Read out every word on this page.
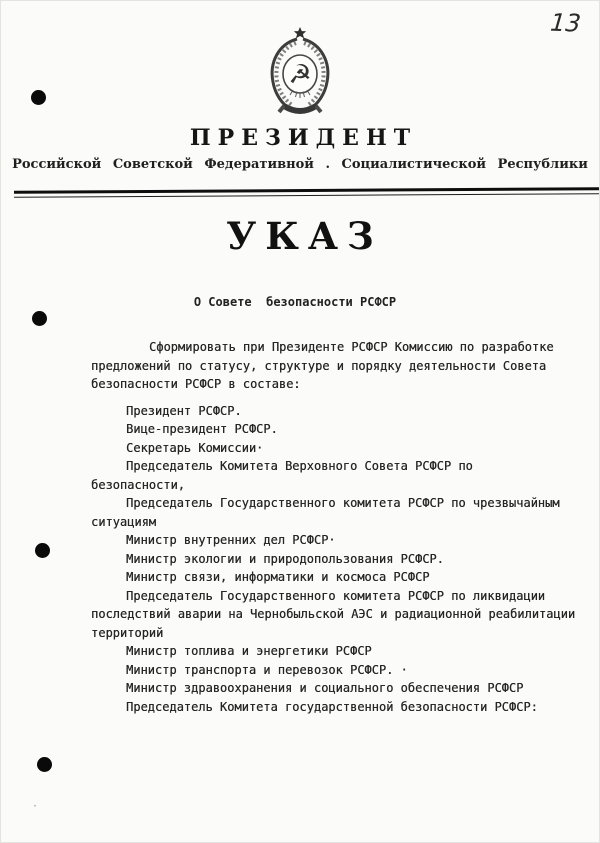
·
13
☭
ПРЕЗИДЕНТ
Российской Советской Федеративной . Социалистической Республики
УКАЗ
О Совете  безопасности РСФСР
Сформировать при Президенте РСФСР Комиссию по разработке
предложений по статусу, структуре и порядку деятельности Совета
безопасности РСФСР в составе:
Президент РСФСР.
Вице-президент РСФСР.
Секретарь Комиссии·
Председатель Комитета Верховного Совета РСФСР по
безопасности,
Председатель Государственного комитета РСФСР по чрезвычайным
ситуациям
Министр внутренних дел РСФСР·
Министр экологии и природопользования РСФСР.
Министр связи, информатики и космоса РСФСР
Председатель Государственного комитета РСФСР по ликвидации
последствий аварии на Чернобыльской АЭС и радиационной реабилитации
территорий
Министр топлива и энергетики РСФСР
Министр транспорта и перевозок РСФСР. ·
Министр здравоохранения и социального обеспечения РСФСР
Председатель Комитета государственной безопасности РСФСР:
